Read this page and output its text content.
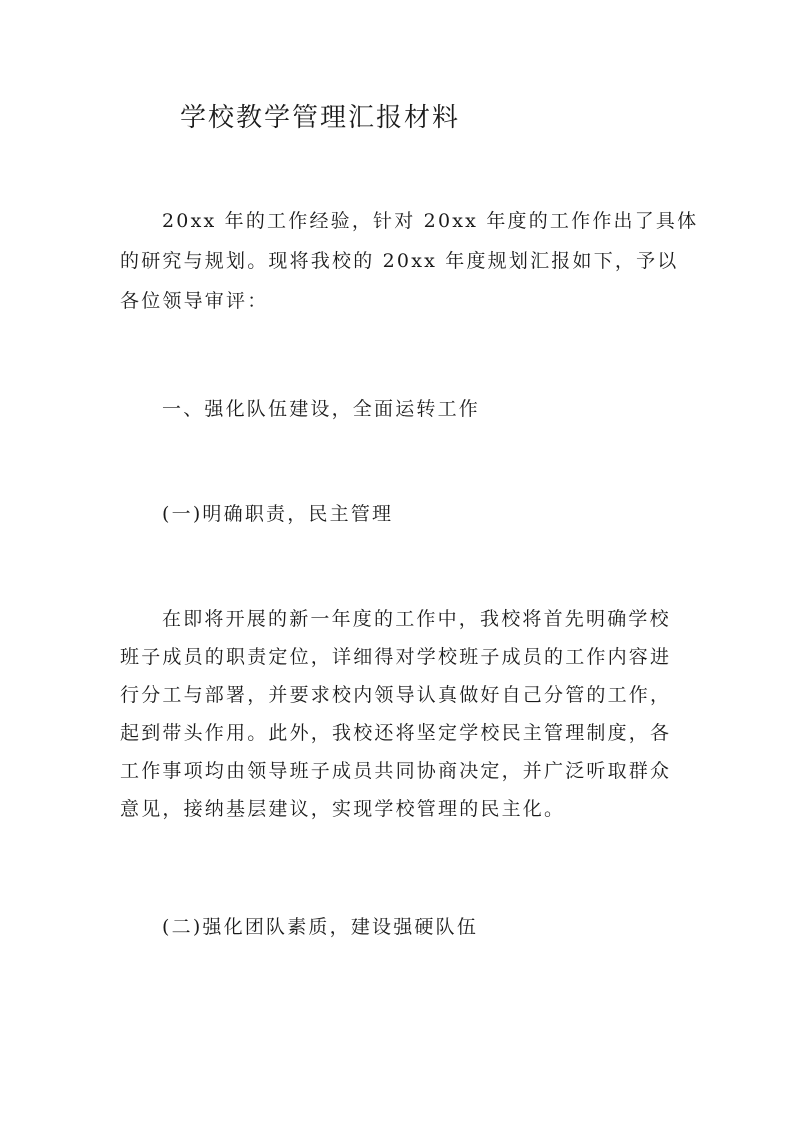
学校教学管理汇报材料
20xx 年的工作经验，针对 20xx 年度的工作作出了具体
的研究与规划。现将我校的 20xx 年度规划汇报如下，予以
各位领导审评：
一、强化队伍建设，全面运转工作
(一)明确职责，民主管理
在即将开展的新一年度的工作中，我校将首先明确学校
班子成员的职责定位，详细得对学校班子成员的工作内容进
行分工与部署，并要求校内领导认真做好自己分管的工作，
起到带头作用。此外，我校还将坚定学校民主管理制度，各
工作事项均由领导班子成员共同协商决定，并广泛听取群众
意见，接纳基层建议，实现学校管理的民主化。
(二)强化团队素质，建设强硬队伍
